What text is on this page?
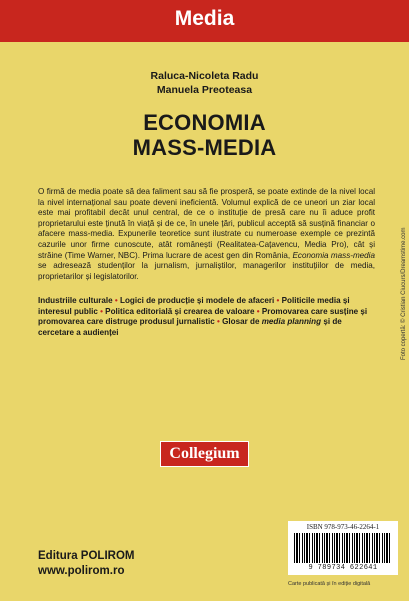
Media
Raluca-Nicoleta Radu
Manuela Preoteasa
ECONOMIA
MASS-MEDIA

O firmă de media poate să dea faliment sau să fie prosperă, se poate extinde de la nivel local la nivel internațional sau poate deveni ineficientă. Volumul explică de ce uneori un ziar local este mai profitabil decât unul central, de ce o instituție de presă care nu îi aduce profit proprietarului este ținută în viață și de ce, în unele țări, publicul acceptă să susțină financiar o afacere mass-media. Expunerile teoretice sunt ilustrate cu numeroase exemple ce prezintă cazurile unor firme cunoscute, atât românești (Realitatea-Cațavencu, Media Pro), cât și străine (Time Warner, NBC). Prima lucrare de acest gen din România, Economia mass-media se adresează studenților la jurnalism, jurnaliștilor, managerilor instituțiilor de media, proprietarilor și legislatorilor.

Industriile culturale • Logici de producție și modele de afaceri • Politicile media și interesul public • Politica editorială și crearea de valoare • Promovarea care susține și promovarea care distruge produsul jurnalistic • Glosar de media planning și de cercetare a audienței
Collegium
Foto copertă: © Cristian Ciucurs/Dreamstime.com
Editura POLIROM
www.polirom.ro
ISBN 978-973-46-2264-1
9 789734 622641
Carte publicată și în ediție digitală
